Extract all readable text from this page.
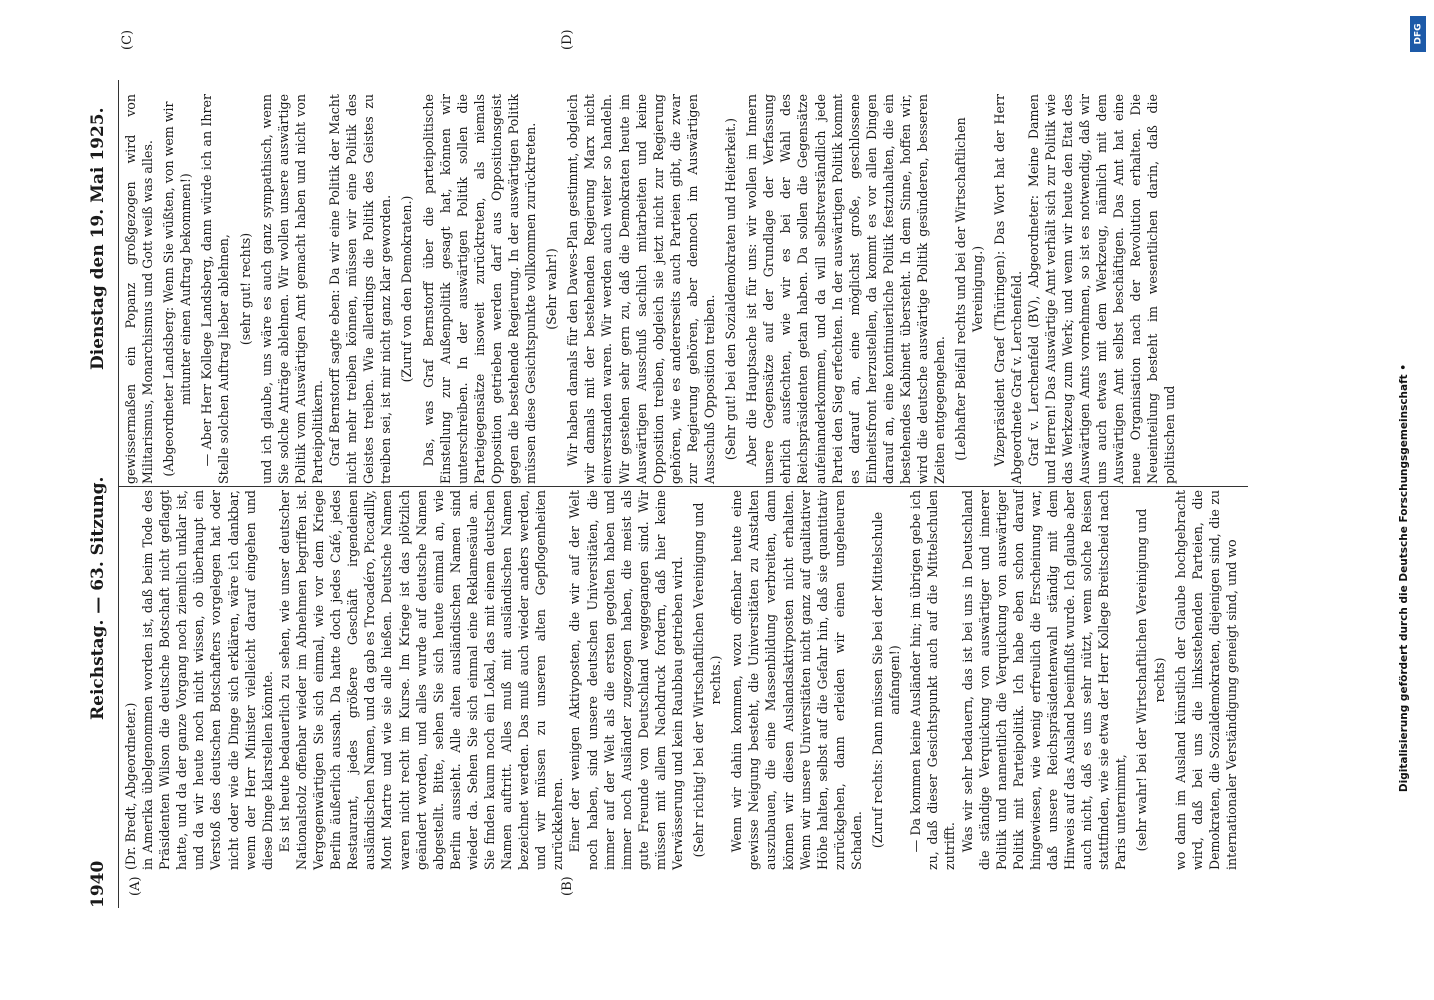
1940
Reichstag. — 63. Sitzung.
Dienstag den 19. Mai 1925.
(A)	(B)
(C)	(D)

(Dr. Bredt, Abgeordneter.) in Amerika übelgenommen worden ist, daß beim Tode des Präsidenten Wilson die deutsche Botschaft nicht geflaggt hatte, und da der ganze Vorgang noch ziemlich unklar ist, und da wir heute noch nicht wissen, ob überhaupt ein Verstoß des deutschen Botschafters vorgelegen hat oder nicht oder wie die Dinge sich erklären, wäre ich dankbar, wenn der Herr Minister vielleicht darauf eingehen und diese Dinge klarstellen könnte. Es ist heute bedauerlich zu sehen, wie unser deutscher Nationalstolz offenbar wieder im Abnehmen begriffen ist. Vergegenwärtigen Sie sich einmal, wie vor dem Kriege Berlin äußerlich aussah. Da hatte doch jedes Café, jedes Restaurant, jedes größere Geschäft irgendeinen ausländischen Namen, und da gab es Trocadéro, Piccadilly, Mont Martre und wie sie alle hießen. Deutsche Namen waren nicht recht im Kurse. Im Kriege ist das plötzlich geändert worden, und alles wurde auf deutsche Namen abgestellt. Bitte, sehen Sie sich heute einmal an, wie Berlin aussieht. Alle alten ausländischen Namen sind wieder da. Sehen Sie sich einmal eine Reklamesäule an. Sie finden kaum noch ein Lokal, das mit einem deutschen Namen auftritt. Alles muß mit ausländischen Namen bezeichnet werden. Das muß auch wieder anders werden, und wir müssen zu unseren alten Gepflogenheiten zurückkehren. Einer der wenigen Aktivposten, die wir auf der Welt noch haben, sind unsere deutschen Universitäten, die immer auf der Welt als die ersten gegolten haben und immer noch Ausländer zugezogen haben, die meist als gute Freunde von Deutschland weggegangen sind. Wir müssen mit allem Nachdruck fordern, daß hier keine Verwässerung und kein Raubbau getrieben wird. (Sehr richtig! bei der Wirtschaftlichen Vereinigung und rechts.) Wenn wir dahin kommen, wozu offenbar heute eine gewisse Neigung besteht, die Universitäten zu Anstalten auszubauen, die eine Massenbildung verbreiten, dann können wir diesen Auslandsaktivposten nicht erhalten. Wenn wir unsere Universitäten nicht ganz auf qualitativer Höhe halten, selbst auf die Gefahr hin, daß sie quantitativ zurückgehen, dann erleiden wir einen ungeheuren Schaden. (Zuruf rechts: Dann müssen Sie bei der Mittelschule anfangen!) — Da kommen keine Ausländer hin; im übrigen gebe ich zu, daß dieser Gesichtspunkt auch auf die Mittelschulen zutrifft. Was wir sehr bedauern, das ist bei uns in Deutschland die ständige Verquickung von auswärtiger und innerer Politik und namentlich die Verquickung von auswärtiger Politik mit Parteipolitik. Ich habe eben schon darauf hingewiesen, wie wenig erfreulich die Erscheinung war, daß unsere Reichspräsidentenwahl ständig mit dem Hinweis auf das Ausland beeinflußt wurde. Ich glaube aber auch nicht, daß es uns sehr nützt, wenn solche Reisen stattfinden, wie sie etwa der Herr Kollege Breitscheid nach Paris unternimmt, (sehr wahr! bei der Wirtschaftlichen Vereinigung und rechts) wo dann im Ausland künstlich der Glaube hochgebracht wird, daß bei uns die linksstehenden Parteien, die Demokraten, die Sozialdemokraten, diejenigen sind, die zu internationaler Verständigung geneigt sind, und wo

gewissermaßen ein Popanz großgezogen wird von Militarismus, Monarchismus und Gott weiß was alles. (Abgeordneter Landsberg: Wenn Sie wüßten, von wem wir mitunter einen Auftrag bekommen!) — Aber Herr Kollege Landsberg, dann würde ich an Ihrer Stelle solchen Auftrag lieber ablehnen, (sehr gut! rechts) und ich glaube, uns wäre es auch ganz sympathisch, wenn Sie solche Anträge ablehnen. Wir wollen unsere auswärtige Politik vom Auswärtigen Amt gemacht haben und nicht von Parteipolitikern. Graf Bernstorff sagte eben: Da wir eine Politik der Macht nicht mehr treiben können, müssen wir eine Politik des Geistes treiben. Wie allerdings die Politik des Geistes zu treiben sei, ist mir nicht ganz klar geworden. (Zuruf von den Demokraten.) Das, was Graf Bernstorff über die parteipolitische Einstellung zur Außenpolitik gesagt hat, können wir unterschreiben. In der auswärtigen Politik sollen die Parteigegensätze insoweit zurücktreten, als niemals Opposition getrieben werden darf aus Oppositionsgeist gegen die bestehende Regierung. In der auswärtigen Politik müssen diese Gesichtspunkte vollkommen zurücktreten. (Sehr wahr!) Wir haben damals für den Dawes-Plan gestimmt, obgleich wir damals mit der bestehenden Regierung Marx nicht einverstanden waren. Wir werden auch weiter so handeln. Wir gestehen sehr gern zu, daß die Demokraten heute im Auswärtigen Ausschuß sachlich mitarbeiten und keine Opposition treiben, obgleich sie jetzt nicht zur Regierung gehören, wie es andererseits auch Parteien gibt, die zwar zur Regierung gehören, aber dennoch im Auswärtigen Ausschuß Opposition treiben. (Sehr gut! bei den Sozialdemokraten und Heiterkeit.) Aber die Hauptsache ist für uns: wir wollen im Innern unsere Gegensätze auf der Grundlage der Verfassung ehrlich ausfechten, wie wir es bei der Wahl des Reichspräsidenten getan haben. Da sollen die Gegensätze aufeinanderkommen, und da will selbstverständlich jede Partei den Sieg erfechten. In der auswärtigen Politik kommt es darauf an, eine möglichst große, geschlossene Einheitsfront herzustellen, da kommt es vor allen Dingen darauf an, eine kontinuierliche Politik festzuhalten, die ein bestehendes Kabinett übersteht. In dem Sinne, hoffen wir, wird die deutsche auswärtige Politik gesünderen, besseren Zeiten entgegengehen. (Lebhafter Beifall rechts und bei der Wirtschaftlichen Vereinigung.) Vizepräsident Graef (Thüringen): Das Wort hat der Herr Abgeordnete Graf v. Lerchenfeld. Graf v. Lerchenfeld (BV), Abgeordneter: Meine Damen und Herren! Das Auswärtige Amt verhält sich zur Politik wie das Werkzeug zum Werk; und wenn wir heute den Etat des Auswärtigen Amts vornehmen, so ist es notwendig, daß wir uns auch etwas mit dem Werkzeug, nämlich mit dem Auswärtigen Amt selbst beschäftigen. Das Amt hat eine neue Organisation nach der Revolution erhalten. Die Neueinteilung besteht im wesentlichen darin, daß die politischen und

DFG
Digitalisierung gefördert durch die Deutsche Forschungsgemeinschaft •
